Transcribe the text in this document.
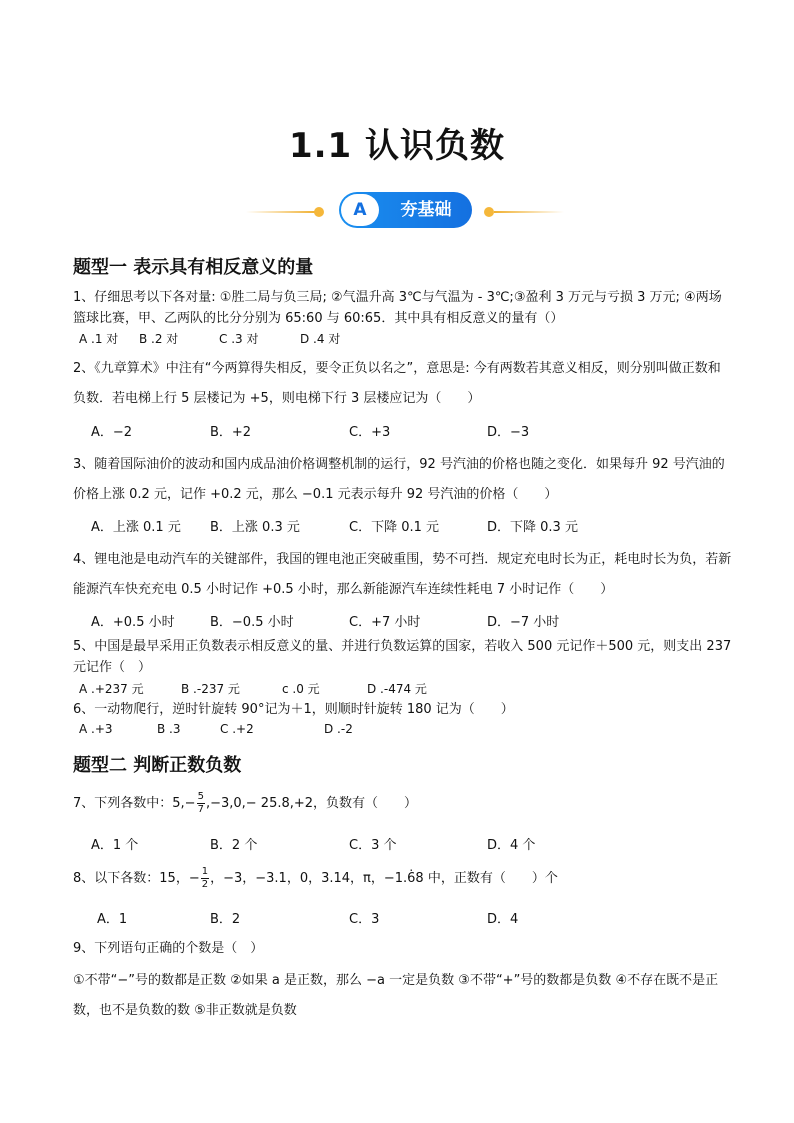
1.1 认识负数
A	夯基础
题型一 表示具有相反意义的量
1、仔细思考以下各对量: ①胜二局与负三局; ②气温升高 3℃与气温为 - 3℃;③盈利 3 万元与亏损 3 万元; ④两场篮球比赛，甲、乙两队的比分分别为 65:60 与 60:65．其中具有相反意义的量有（）
A .1 对 B .2 对	C .3 对	D .4 对
2、《九章算术》中注有“今两算得失相反，要令正负以名之”，意思是: 今有两数若其意义相反，则分别叫做正数和负数．若电梯上行 5 层楼记为 +5，则电梯下行 3 层楼应记为（　　）
A．−2	B．+2	C．+3	D．−3
3、随着国际油价的波动和国内成品油价格调整机制的运行，92 号汽油的价格也随之变化．如果每升 92 号汽油的价格上涨 0.2 元，记作 +0.2 元，那么 −0.1 元表示每升 92 号汽油的价格（　　）
A．上涨 0.1 元 B．上涨 0.3 元	C．下降 0.1 元	D．下降 0.3 元
4、锂电池是电动汽车的关键部件，我国的锂电池正突破重围，势不可挡．规定充电时长为正，耗电时长为负，若新能源汽车快充充电 0.5 小时记作 +0.5 小时，那么新能源汽车连续性耗电 7 小时记作（　　）
A．+0.5 小时	B．−0.5 小时	C．+7 小时	D．−7 小时
5、中国是最早采用正负数表示相反意义的量、并进行负数运算的国家，若收入 500 元记作＋500 元，则支出 237 元记作（　）
A .+237 元	B .-237 元	c .0 元	D .-474 元
6、一动物爬行，逆时针旋转 90°记为＋1，则顺时针旋转 180 记为（　　）
A .+3	B .3	C .+2	D .-2
题型二 判断正数负数
7、下列各数中：$5,- \frac{5}{7} ,-3,0,- 25.8,+2$，负数有（　　）
A．1 个	B．2 个	C．3 个	D．4 个
8、以下各数：15，− $\frac{1}{2}$ ，−3，−3.1，0，3.14，π，−1.6̇8 中，正数有（　　）个
A．1	B．2	C．3	D．4
9、下列语句正确的个数是（　）
①不带“−”号的数都是正数 ②如果 a 是正数，那么 −a 一定是负数 ③不带“+”号的数都是负数 ④不存在既不是正数，也不是负数的数 ⑤非正数就是负数
